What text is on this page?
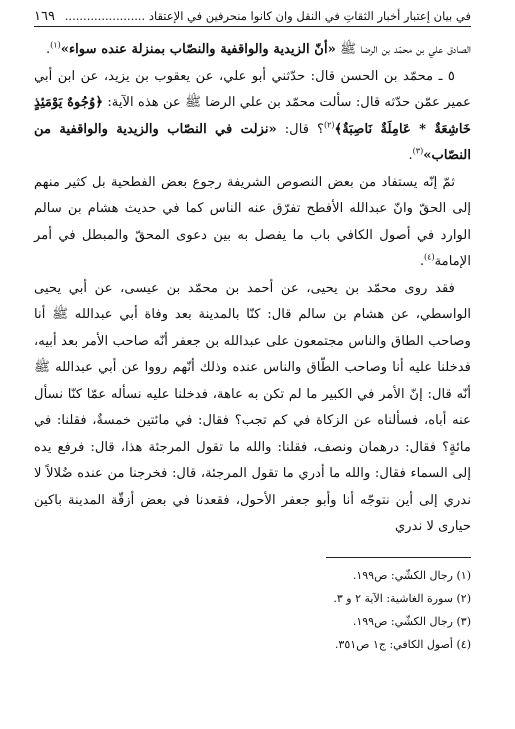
في بيان إعتبار أخبار الثقاتِ في النقل وان كانوا منحرفين في الإعتقاد ......................
١٦٩

الصادق علي بن محمّد بن الرضا ﷺ «أنّ الزيدية والواقفية والنصّاب بمنزلة عنده سواء»$^{(١)}$.

٥ ـ محمّد بن الحسن قال: حدّثني أبو علي، عن يعقوب بن يزيد، عن ابن أبي عمير عمّن حدّثه قال: سألت محمّد بن علي الرضا ﷺ عن هذه الآية: ﴿وُجُوهٌ يَوْمَئِذٍ خَاشِعَةٌ * عَامِلَةٌ نَاصِبَةٌ﴾$^{(٢)}$؟ قال: «نزلت في النصّاب والزيدية والواقفية من النصّاب»$^{(٣)}$.

ثمّ إنّه يستفاد من بعض النصوص الشريفة رجوع بعض الفطحية بل كثير منهم إلى الحقّ وانّ عبدالله الأفطح تفرّق عنه الناس كما في حديث هشام بن سالم الوارد في أصول الكافي باب ما يفصل به بين دعوى المحقّ والمبطل في أمر الإمامة$^{(٤)}$.

فقد روى محمّد بن يحيى، عن أحمد بن محمّد بن عيسى، عن أبي يحيى الواسطي، عن هشام بن سالم قال: كنّا بالمدينة بعد وفاة أبي عبدالله ﷺ أنا وصاحب الطاق والناس مجتمعون على عبدالله بن جعفر أنّه صاحب الأمر بعد أبيه، فدخلنا عليه أنا وصاحب الطّاق والناس عنده وذلك أنّهم رووا عن أبي عبدالله ﷺ أنّه قال: إنّ الأمر في الكبير ما لم تكن به عاهة، فدخلنا عليه نسأله عمّا كنّا نسأل عنه أباه، فسألناه عن الزكاة في كم تجب؟ فقال: في مائتين خمسةٌ، فقلنا: في مائةٍ؟ فقال: درهمان ونصف، فقلنا: والله ما تقول المرجئة هذا، قال: فرفع يده إلى السماء فقال: والله ما أدري ما تقول المرجئة، قال: فخرجنا من عنده ضُلالاً لا ندري إلى أين نتوجّه أنا وأبو جعفر الأحول، فقعدنا في بعض أزقّة المدينة باكين حيارى لا ندري

(١) رجال الكشّي: ص١٩٩.
(٢) سورة الغاشية: الآية ٢ و ٣.
(٣) رجال الكشّي: ص١٩٩.
(٤) أصول الكافي: ج١ ص٣٥١.
